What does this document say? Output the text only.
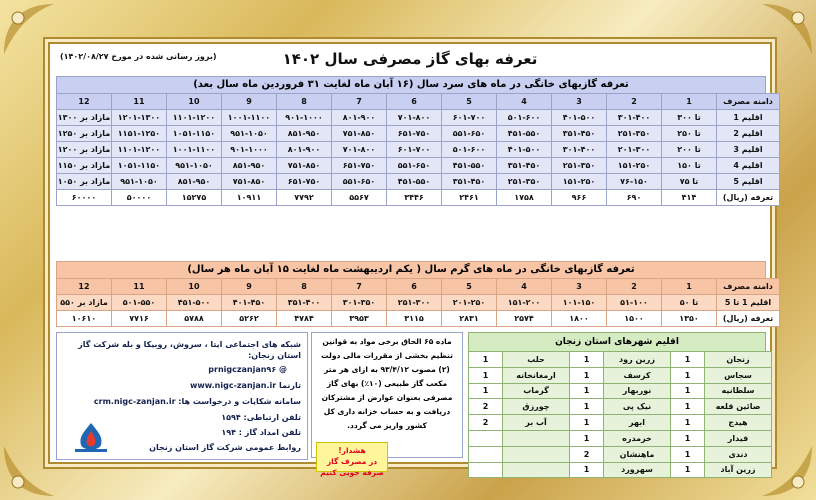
تعرفه بهای گاز مصرفی سال ۱۴۰۲
(بروز رسانی شده در مورخ ۱۴۰۲/۰۸/۲۷)
تعرفه گازبهای خانگی در ماه های سرد سال (۱۶ آبان ماه لغایت ۳۱ فروردین ماه سال بعد)
دامنه مصرف	1	2	3	4	5	6	7	8	9	10	11	12
اقلیم 1	تا ۳۰۰	۳۰۱-۴۰۰	۴۰۱-۵۰۰	۵۰۱-۶۰۰	۶۰۱-۷۰۰	۷۰۱-۸۰۰	۸۰۱-۹۰۰	۹۰۱-۱۰۰۰	۱۰۰۱-۱۱۰۰	۱۱۰۱-۱۲۰۰	۱۲۰۱-۱۳۰۰	مازاد بر ۱۳۰۰
اقلیم 2	تا ۲۵۰	۲۵۱-۳۵۰	۳۵۱-۴۵۰	۴۵۱-۵۵۰	۵۵۱-۶۵۰	۶۵۱-۷۵۰	۷۵۱-۸۵۰	۸۵۱-۹۵۰	۹۵۱-۱۰۵۰	۱۰۵۱-۱۱۵۰	۱۱۵۱-۱۲۵۰	مازاد بر ۱۲۵۰
اقلیم 3	تا ۲۰۰	۲۰۱-۳۰۰	۳۰۱-۴۰۰	۴۰۱-۵۰۰	۵۰۱-۶۰۰	۶۰۱-۷۰۰	۷۰۱-۸۰۰	۸۰۱-۹۰۰	۹۰۱-۱۰۰۰	۱۰۰۱-۱۱۰۰	۱۱۰۱-۱۲۰۰	مازاد بر ۱۲۰۰
اقلیم 4	تا ۱۵۰	۱۵۱-۲۵۰	۲۵۱-۳۵۰	۳۵۱-۴۵۰	۴۵۱-۵۵۰	۵۵۱-۶۵۰	۶۵۱-۷۵۰	۷۵۱-۸۵۰	۸۵۱-۹۵۰	۹۵۱-۱۰۵۰	۱۰۵۱-۱۱۵۰	مازاد بر ۱۱۵۰
اقلیم 5	تا ۷۵	۷۶-۱۵۰	۱۵۱-۲۵۰	۲۵۱-۳۵۰	۳۵۱-۴۵۰	۴۵۱-۵۵۰	۵۵۱-۶۵۰	۶۵۱-۷۵۰	۷۵۱-۸۵۰	۸۵۱-۹۵۰	۹۵۱-۱۰۵۰	مازاد بر ۱۰۵۰
تعرفه (ریال)	۴۱۴	۶۹۰	۹۶۶	۱۷۵۸	۲۴۶۱	۳۴۴۶	۵۵۶۷	۷۷۹۲	۱۰۹۱۱	۱۵۲۷۵	۵۰۰۰۰	۶۰۰۰۰
تعرفه گازبهای خانگی در ماه های گرم سال ( یکم اردیبهشت ماه لغایت ۱۵ آبان ماه هر سال)
دامنه مصرف	1	2	3	4	5	6	7	8	9	10	11	12
اقلیم 1 تا 5	تا ۵۰	۵۱-۱۰۰	۱۰۱-۱۵۰	۱۵۱-۲۰۰	۲۰۱-۲۵۰	۲۵۱-۳۰۰	۳۰۱-۳۵۰	۳۵۱-۴۰۰	۴۰۱-۴۵۰	۴۵۱-۵۰۰	۵۰۱-۵۵۰	مازاد بر ۵۵۰
تعرفه (ریال)	۱۳۵۰	۱۵۰۰	۱۸۰۰	۲۵۷۴	۲۸۳۱	۳۱۱۵	۳۹۵۳	۴۷۸۴	۵۲۶۲	۵۷۸۸	۷۷۱۶	۱۰۶۱۰
اقلیم شهرهای استان زنجان
زنجان	1	زرین رود	1	حلب	1
سجاس	1	کرسف	1	ارمغانخانه	1
سلطانیه	1	نوربهار	1	گرماب	1
صائین قلعه	1	نیک پی	1	چورزق	2
هیدج	1	ابهر	1	آب بر	2
قیدار	1	خرمدره	1		
دندی	1	ماهنشان	2		
زرین آباد	1	سهرورد	1		
ماده ۶۵ الحاق برخی مواد به قوانین تنظیم بخشی از مقررات مالی دولت (۲) مصوب ۹۳/۴/۱۲ به ازای هر متر مکعب گاز طبیعی (۱۰٪) بهای گاز مصرفی بعنوان عوارض از مشترکان دریافت و به حساب خزانه داری کل کشور واریز می گردد.
هشدار!
در مصرف گاز صرفه جویی کنیم
شبکه های اجتماعی ایتا ، سروش، روبیکا و بله شرکت گاز استان زنجان:
@ prnigczanjan۹۶
تارنما www.nigc-zanjan.ir
سامانه شکایات و درخواست ها: crm.nigc-zanjan.ir
تلفن ارتباطی: ۱۵۹۴
تلفن امداد گاز : ۱۹۴
روابط عمومی شرکت گاز استان زنجان
